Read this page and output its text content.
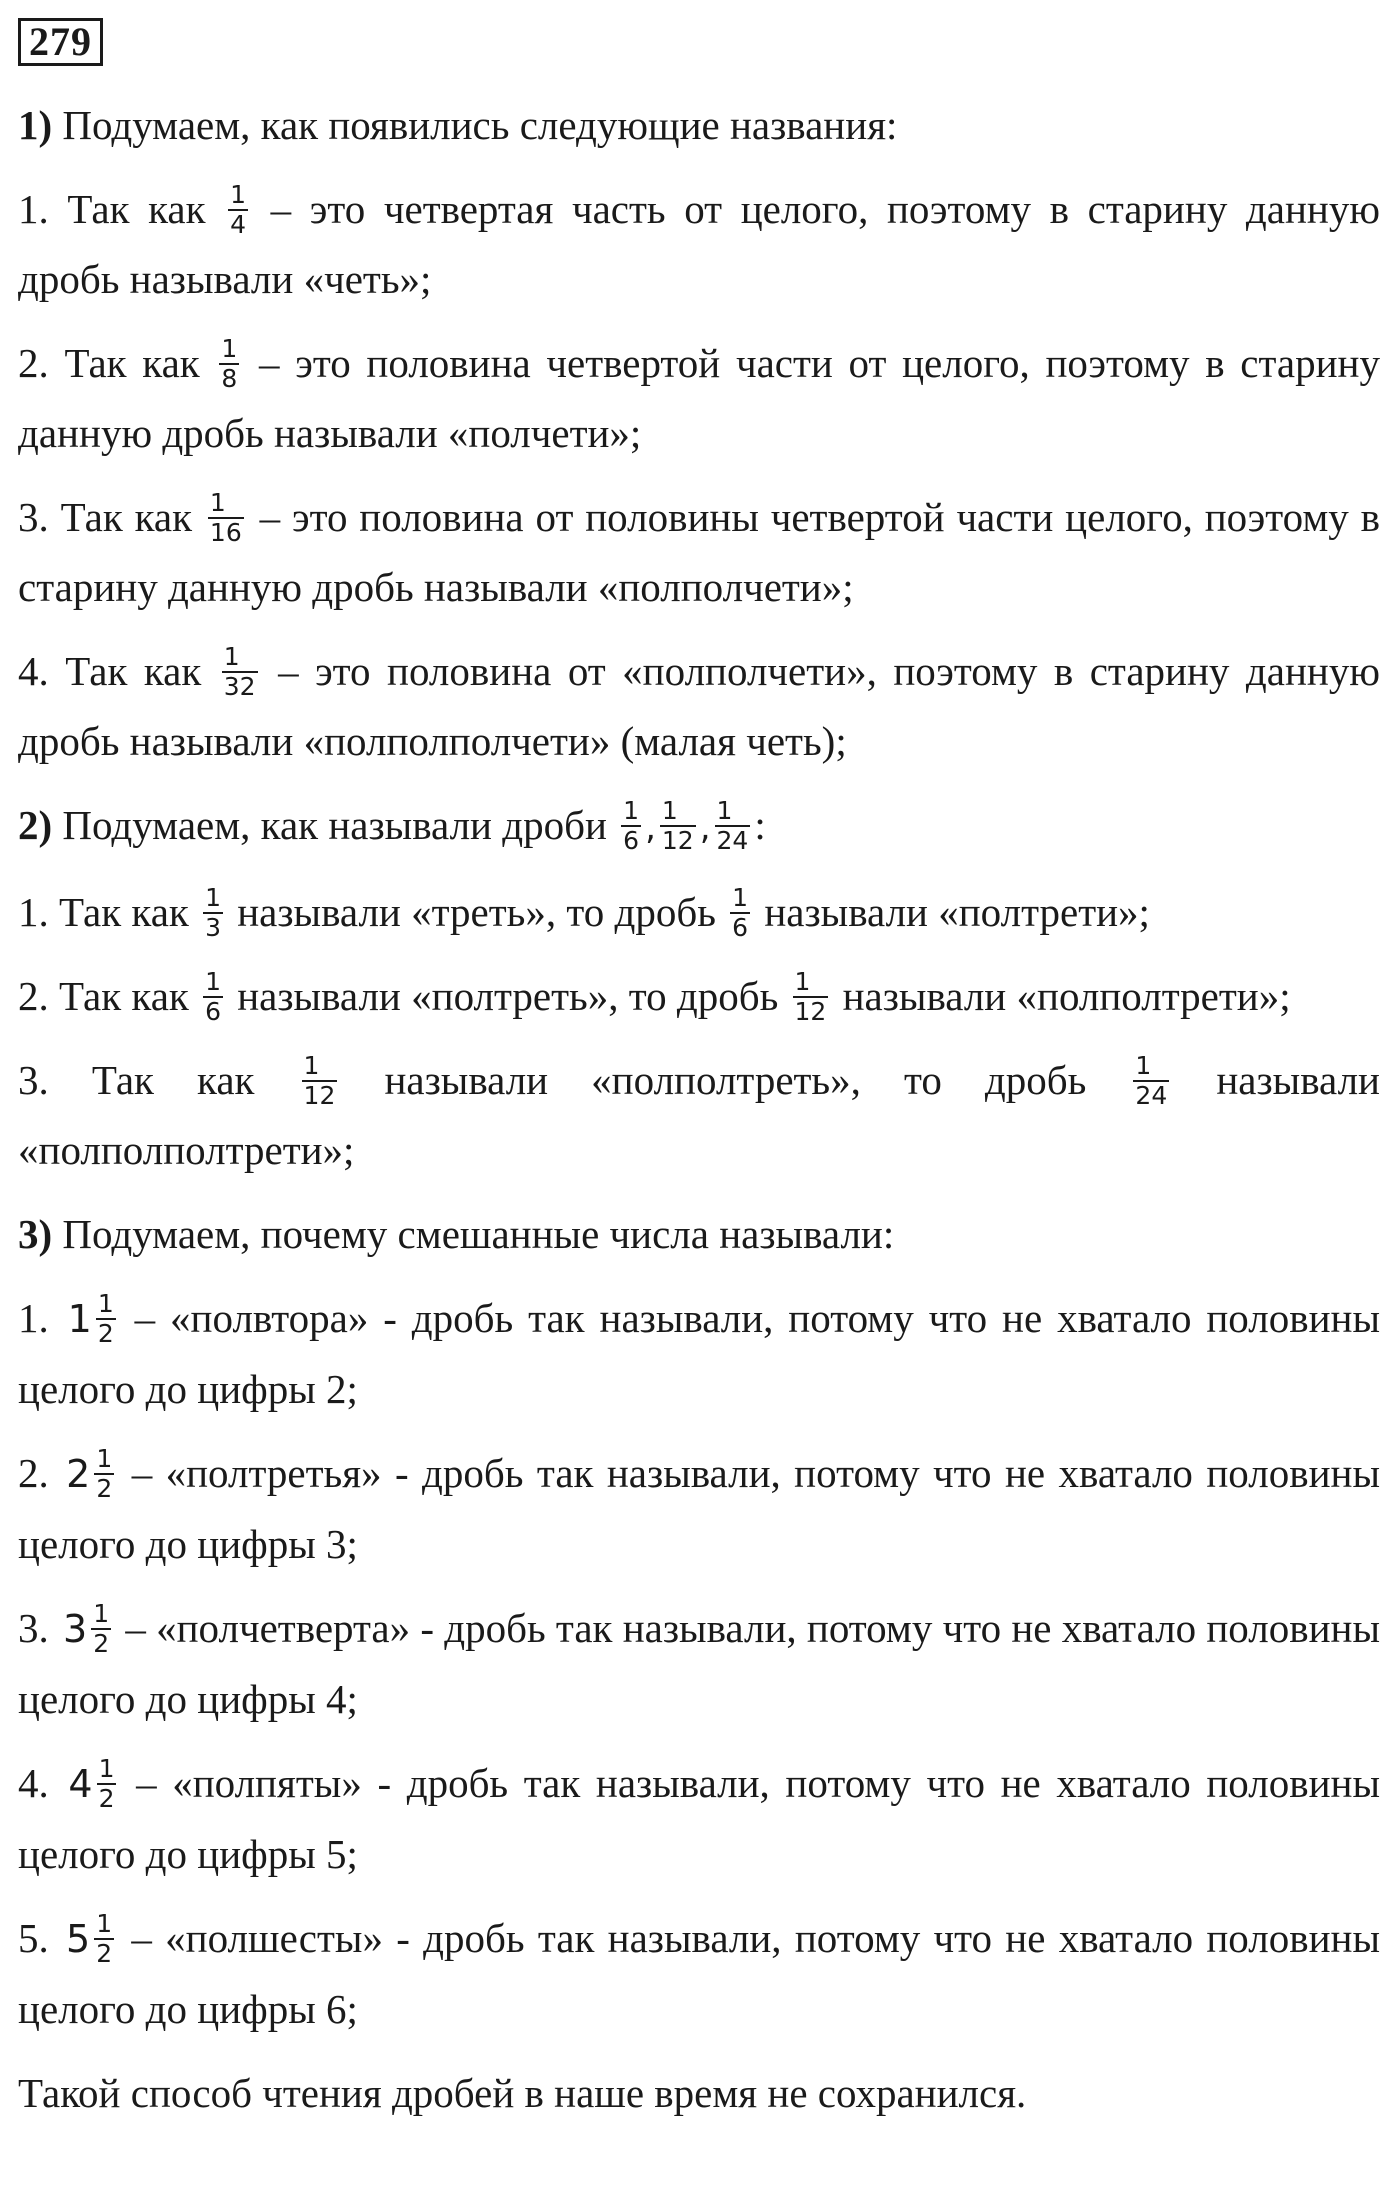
279

1) Подумаем, как появились следующие названия:

1. Так как $\frac{1}{4}$ – это четвертая часть от целого, поэтому в старину данную дробь называли «четь»;

2. Так как $\frac{1}{8}$ – это половина четвертой части от целого, поэтому в старину данную дробь называли «полчети»;

3. Так как $\frac{1}{16}$ – это половина от половины четвертой части целого, поэтому в старину данную дробь называли «полполчети»;

4. Так как $\frac{1}{32}$ – это половина от «полполчети», поэтому в старину данную дробь называли «полполполчети» (малая четь);

2) Подумаем, как называли дроби $\frac{1}{6}$ , $\frac{1}{12}$ , $\frac{1}{24}$ :

1. Так как $\frac{1}{3}$ называли «треть», то дробь $\frac{1}{6}$ называли «полтрети»;

2. Так как $\frac{1}{6}$ называли «полтреть», то дробь $\frac{1}{12}$ называли «полполтрети»;

3. Так как $\frac{1}{12}$ называли «полполтреть», то дробь $\frac{1}{24}$ называли «полполполтрети»;

3) Подумаем, почему смешанные числа называли:

1. $1 \frac{1}{2}$ – «полвтора» - дробь так называли, потому что не хватало половины целого до цифры 2;

2. $2 \frac{1}{2}$ – «полтретья» - дробь так называли, потому что не хватало половины целого до цифры 3;

3. $3 \frac{1}{2}$ – «полчетверта» - дробь так называли, потому что не хватало половины целого до цифры 4;

4. $4 \frac{1}{2}$ – «полпяты» - дробь так называли, потому что не хватало половины целого до цифры 5;

5. $5 \frac{1}{2}$ – «полшесты» - дробь так называли, потому что не хватало половины целого до цифры 6;

Такой способ чтения дробей в наше время не сохранился.
